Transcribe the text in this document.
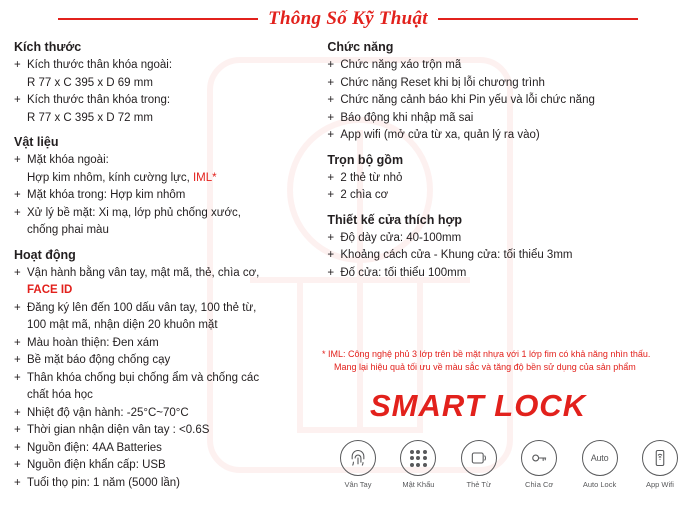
Thông Số Kỹ Thuật
Kích thước
+ Kích thước thân khóa ngoài:
R 77 x C 395 x D 69 mm
+ Kích thước thân khóa trong:
R 77 x C 395 x D 72 mm
Vật liệu
+ Mặt khóa ngoài:
Hợp kim nhôm, kính cường lực, IML*
+ Mặt khóa trong: Hợp kim nhôm
+ Xử lý bề mặt: Xi mạ, lớp phủ chống xước,
chống phai màu
Hoạt động
+ Vận hành bằng vân tay, mật mã, thẻ, chìa cơ,
FACE ID
+ Đăng ký lên đến 100 dấu vân tay, 100 thẻ từ,
100 mật mã, nhận diện 20 khuôn mặt
+ Màu hoàn thiện: Đen xám
+ Bề mặt báo động chống cạy
+ Thân khóa chống bụi chống ẩm và chống các
chất hóa học
+ Nhiệt độ vận hành: -25°C~70°C
+ Thời gian nhận diện vân tay : <0.6S
+ Nguồn điện: 4AA Batteries
+ Nguồn điện khẩn cấp: USB
+ Tuổi thọ pin: 1 năm (5000 lần)
Chức năng
+ Chức năng xáo trộn mã
+ Chức năng Reset khi bị lỗi chương trình
+ Chức năng cảnh báo khi Pin yếu và lỗi chức năng
+ Báo động khi nhập mã sai
+ App wifi (mở cửa từ xa, quản lý ra vào)
Trọn bộ gồm
+ 2 thẻ từ nhỏ
+ 2 chìa cơ
Thiết kế cửa thích hợp
+ Độ dày cửa: 40-100mm
+ Khoảng cách cửa - Khung cửa: tối thiểu 3mm
+ Đố cửa: tối thiểu 100mm
* IML: Công nghệ phủ 3 lớp trên bề mặt nhựa với 1 lớp fim có khả năng nhìn thấu.
Mang lại hiệu quả tối ưu về màu sắc và tăng độ bền sử dụng của sản phẩm
SMART LOCK
Vân Tay	Mật Khẩu	Thẻ Từ	Chìa Cơ
Auto
Auto Lock	App Wifi
